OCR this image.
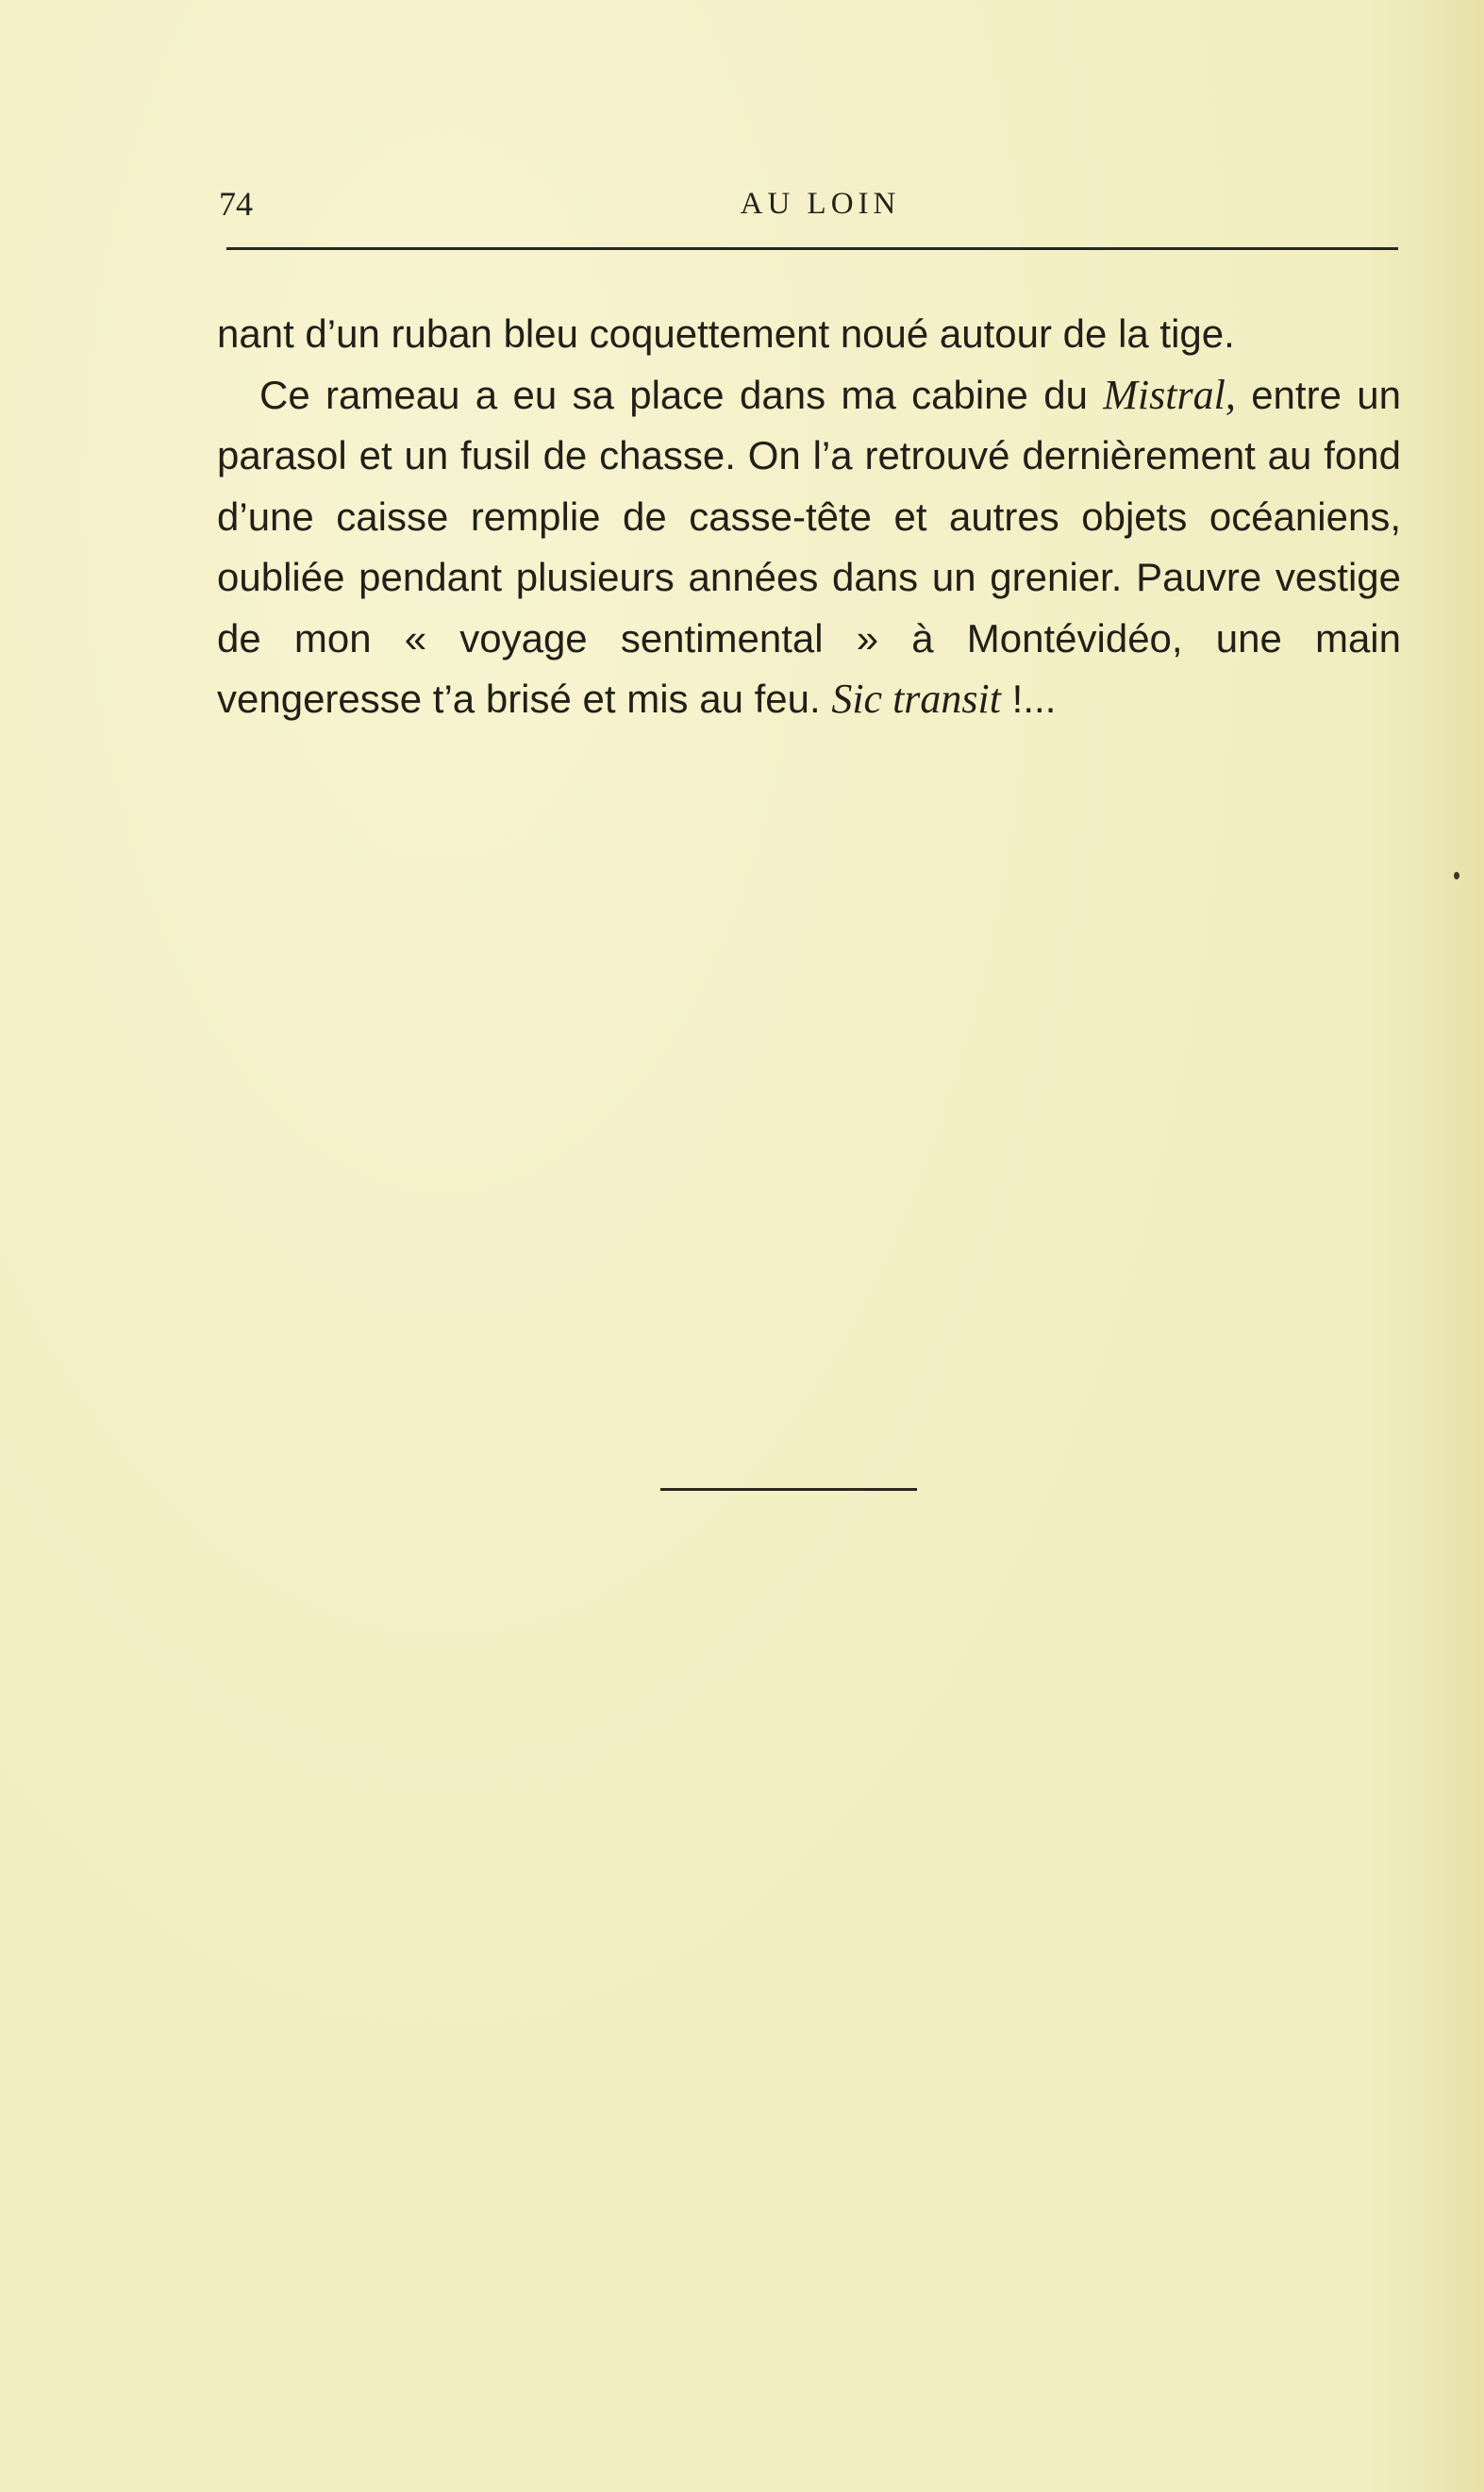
74	AU LOIN

nant d’un ruban bleu coquettement noué autour de la tige.

Ce rameau a eu sa place dans ma cabine du Mistral, entre un parasol et un fusil de chasse. On l’a retrouvé dernièrement au fond d’une caisse remplie de casse-tête et autres objets océaniens, oubliée pendant plusieurs années dans un grenier. Pauvre vestige de mon « voyage sentimental » à Montévidéo, une main vengeresse t’a brisé et mis au feu. Sic transit !...
